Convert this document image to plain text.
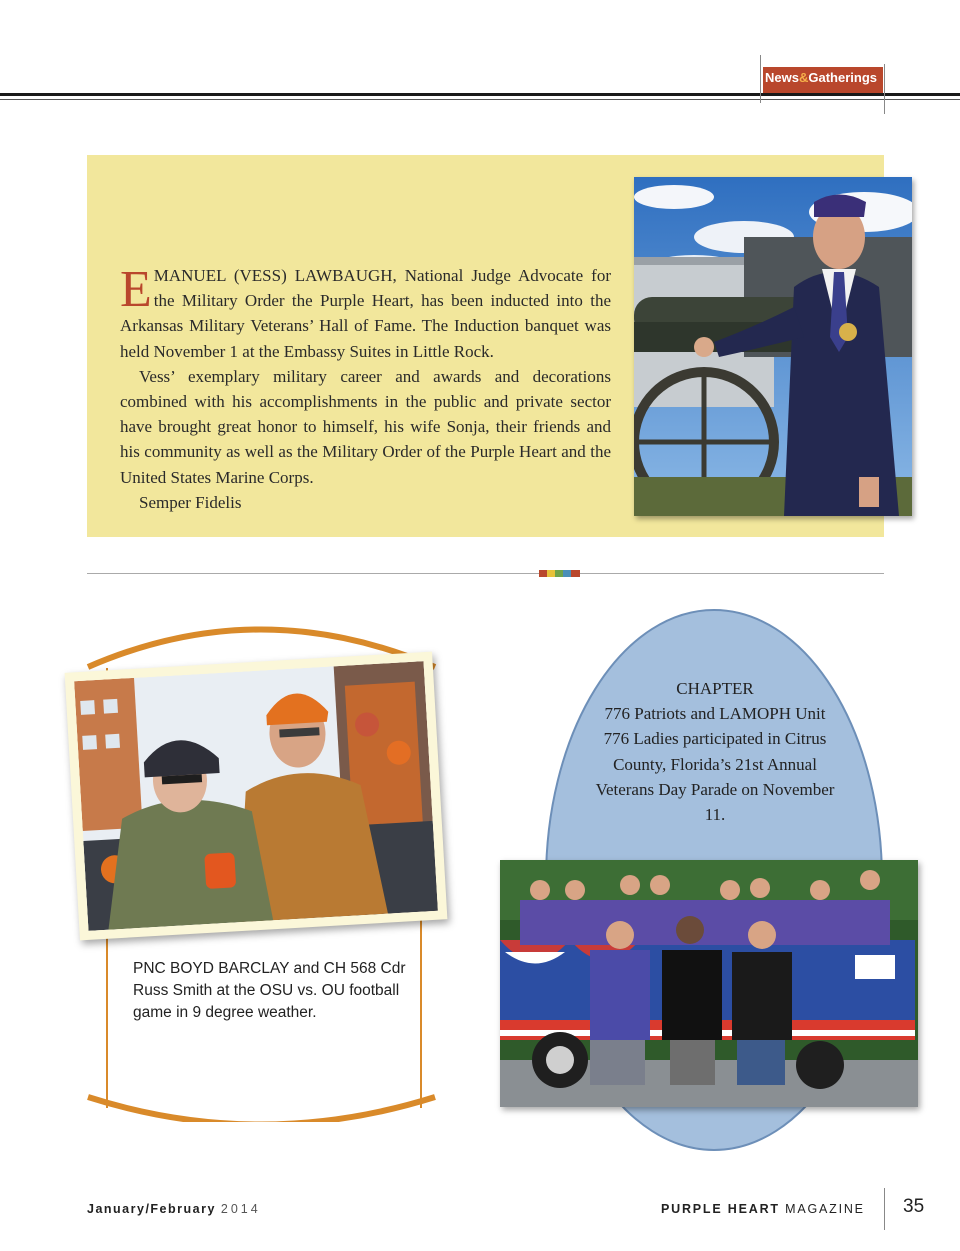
News&Gatherings

EMANUEL (VESS) LAWBAUGH, National Judge Advocate for the Military Order the Purple Heart, has been inducted into the Arkansas Military Veterans’ Hall of Fame. The Induction banquet was held November 1 at the Embassy Suites in Little Rock.

Vess’ exemplary military career and awards and decorations combined with his accomplishments in the public and private sector have brought great honor to himself, his wife Sonja, their friends and his community as well as the Military Order of the Purple Heart and the United States Marine Corps.

Semper Fidelis

PNC BOYD BARCLAY and CH 568 Cdr Russ Smith at the OSU vs. OU football game in 9 degree weather.
CHAPTER
776 Patriots and LAMOPH Unit 776 Ladies participated in Citrus County, Florida’s 21st Annual Veterans Day Parade on November 11.
January/February 2014	PURPLE HEART MAGAZINE 35
